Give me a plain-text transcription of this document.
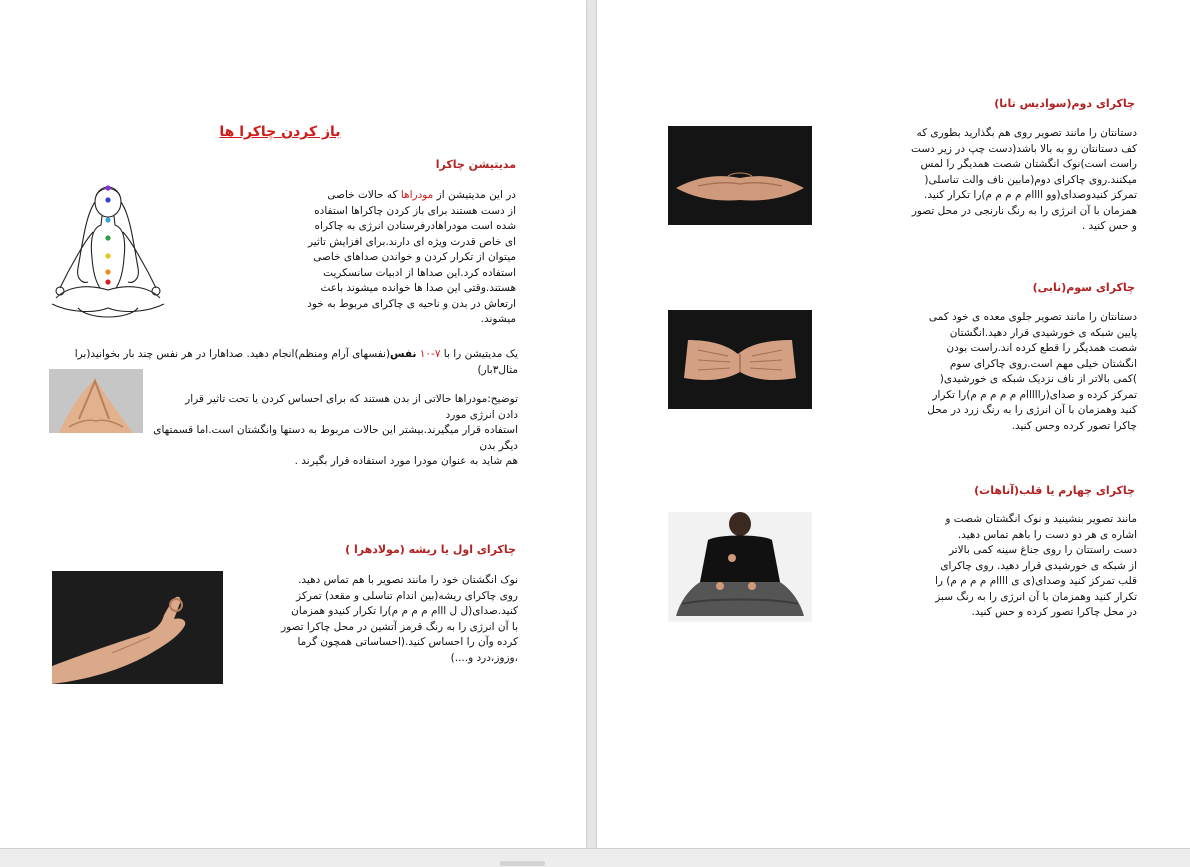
باز کردن چاکرا ها
مدیتیشن چاکرا
در این مدیتیشن از مودراها که حالات خاصی
از دست هستند برای باز کردن چاکراها استفاده
شده است مودراهادرفرستادن انرژی به چاکراه
ای خاص قدرت ویژه ای دارند.برای افزایش تاثیر
میتوان از تکرار کردن و خواندن صداهای خاصی
استفاده کرد.این صداها از ادبیات سانسکریت
هستند.وقتی این صدا ها خوانده میشوند باعث
ارتعاش در بدن و ناحیه ی چاکرای مربوط به خود
میشوند.
یک مدیتیشن را با ۷-۱۰ نفس(نفسهای آرام ومنظم)انجام دهید. صداهارا در هر نفس چند بار بخوانید(برا
مثال۳بار)
توضیح:مودراها حالاتی از بدن هستند که برای احساس کردن یا تحت تاثیر قرار
دادن انرژی مورد
استفاده قرار میگیرند.بیشتر این حالات مربوط به دستها وانگشتان است.اما قسمتهای
دیگر بدن
هم شاید به عنوان مودرا مورد استفاده قرار بگیرند .
چاکرای اول یا ریشه (مولادهرا )
نوک انگشتان خود را مانند تصویر با هم تماس دهید.
روی چاکرای ریشه(بین اندام تناسلی و مقعد) تمرکز
کنید.صدای(ل ل ااام م م م م)را تکرار کنیدو همزمان
با آن انرژی را به رنگ قرمز آتشین در محل چاکرا تصور
کرده وآن را احساس کنید.(احساساتی همچون گرما
،وزوز،درد و....)
چاکرای دوم(سوادیس تانا)
دستانتان را مانند تصویر روی هم بگذارید بطوری که
کف دستانتان رو به بالا باشد(دست چپ در زیر دست
راست است)نوک انگشتان شصت همدیگر را لمس
میکنند.روی چاکرای دوم(مابین ناف والت تناسلی(
تمرکز کنیدوصدای(وو اااام م م م م)را تکرار کنید.
همزمان با آن انرژی را به رنگ نارنجی در محل تصور
و حس کنید .
چاکرای سوم(نابی)
دستانتان را مانند تصویر جلوی معده ی خود کمی
پایین شبکه ی خورشیدی قرار دهید.انگشتان
شصت همدیگر را قطع کرده اند.راست بودن
انگشتان خیلی مهم است.روی چاکرای سوم
)کمی بالاتر از ناف نزدیک شبکه ی خورشیدی(
تمرکز کرده و صدای(رااااام م م م م م)را تکرار
کنید وهمزمان با آن انرژی را به رنگ زرد در محل
چاکرا تصور کرده وحس کنید.
چاکرای چهارم یا قلب(آناهات)
مانند تصویر بنشینید و نوک انگشتان شصت و
اشاره ی هر دو دست را باهم تماس دهید.
دست راستتان را روی جناغ سینه کمی بالاتر
از شبکه ی خورشیدی قرار دهید. روی چاکرای
قلب تمرکز کنید وصدای(ی ی اااام م م م م) را
تکرار کنید وهمزمان با آن انرژی را به رنگ سبز
در محل چاکرا تصور کرده و حس کنید.
